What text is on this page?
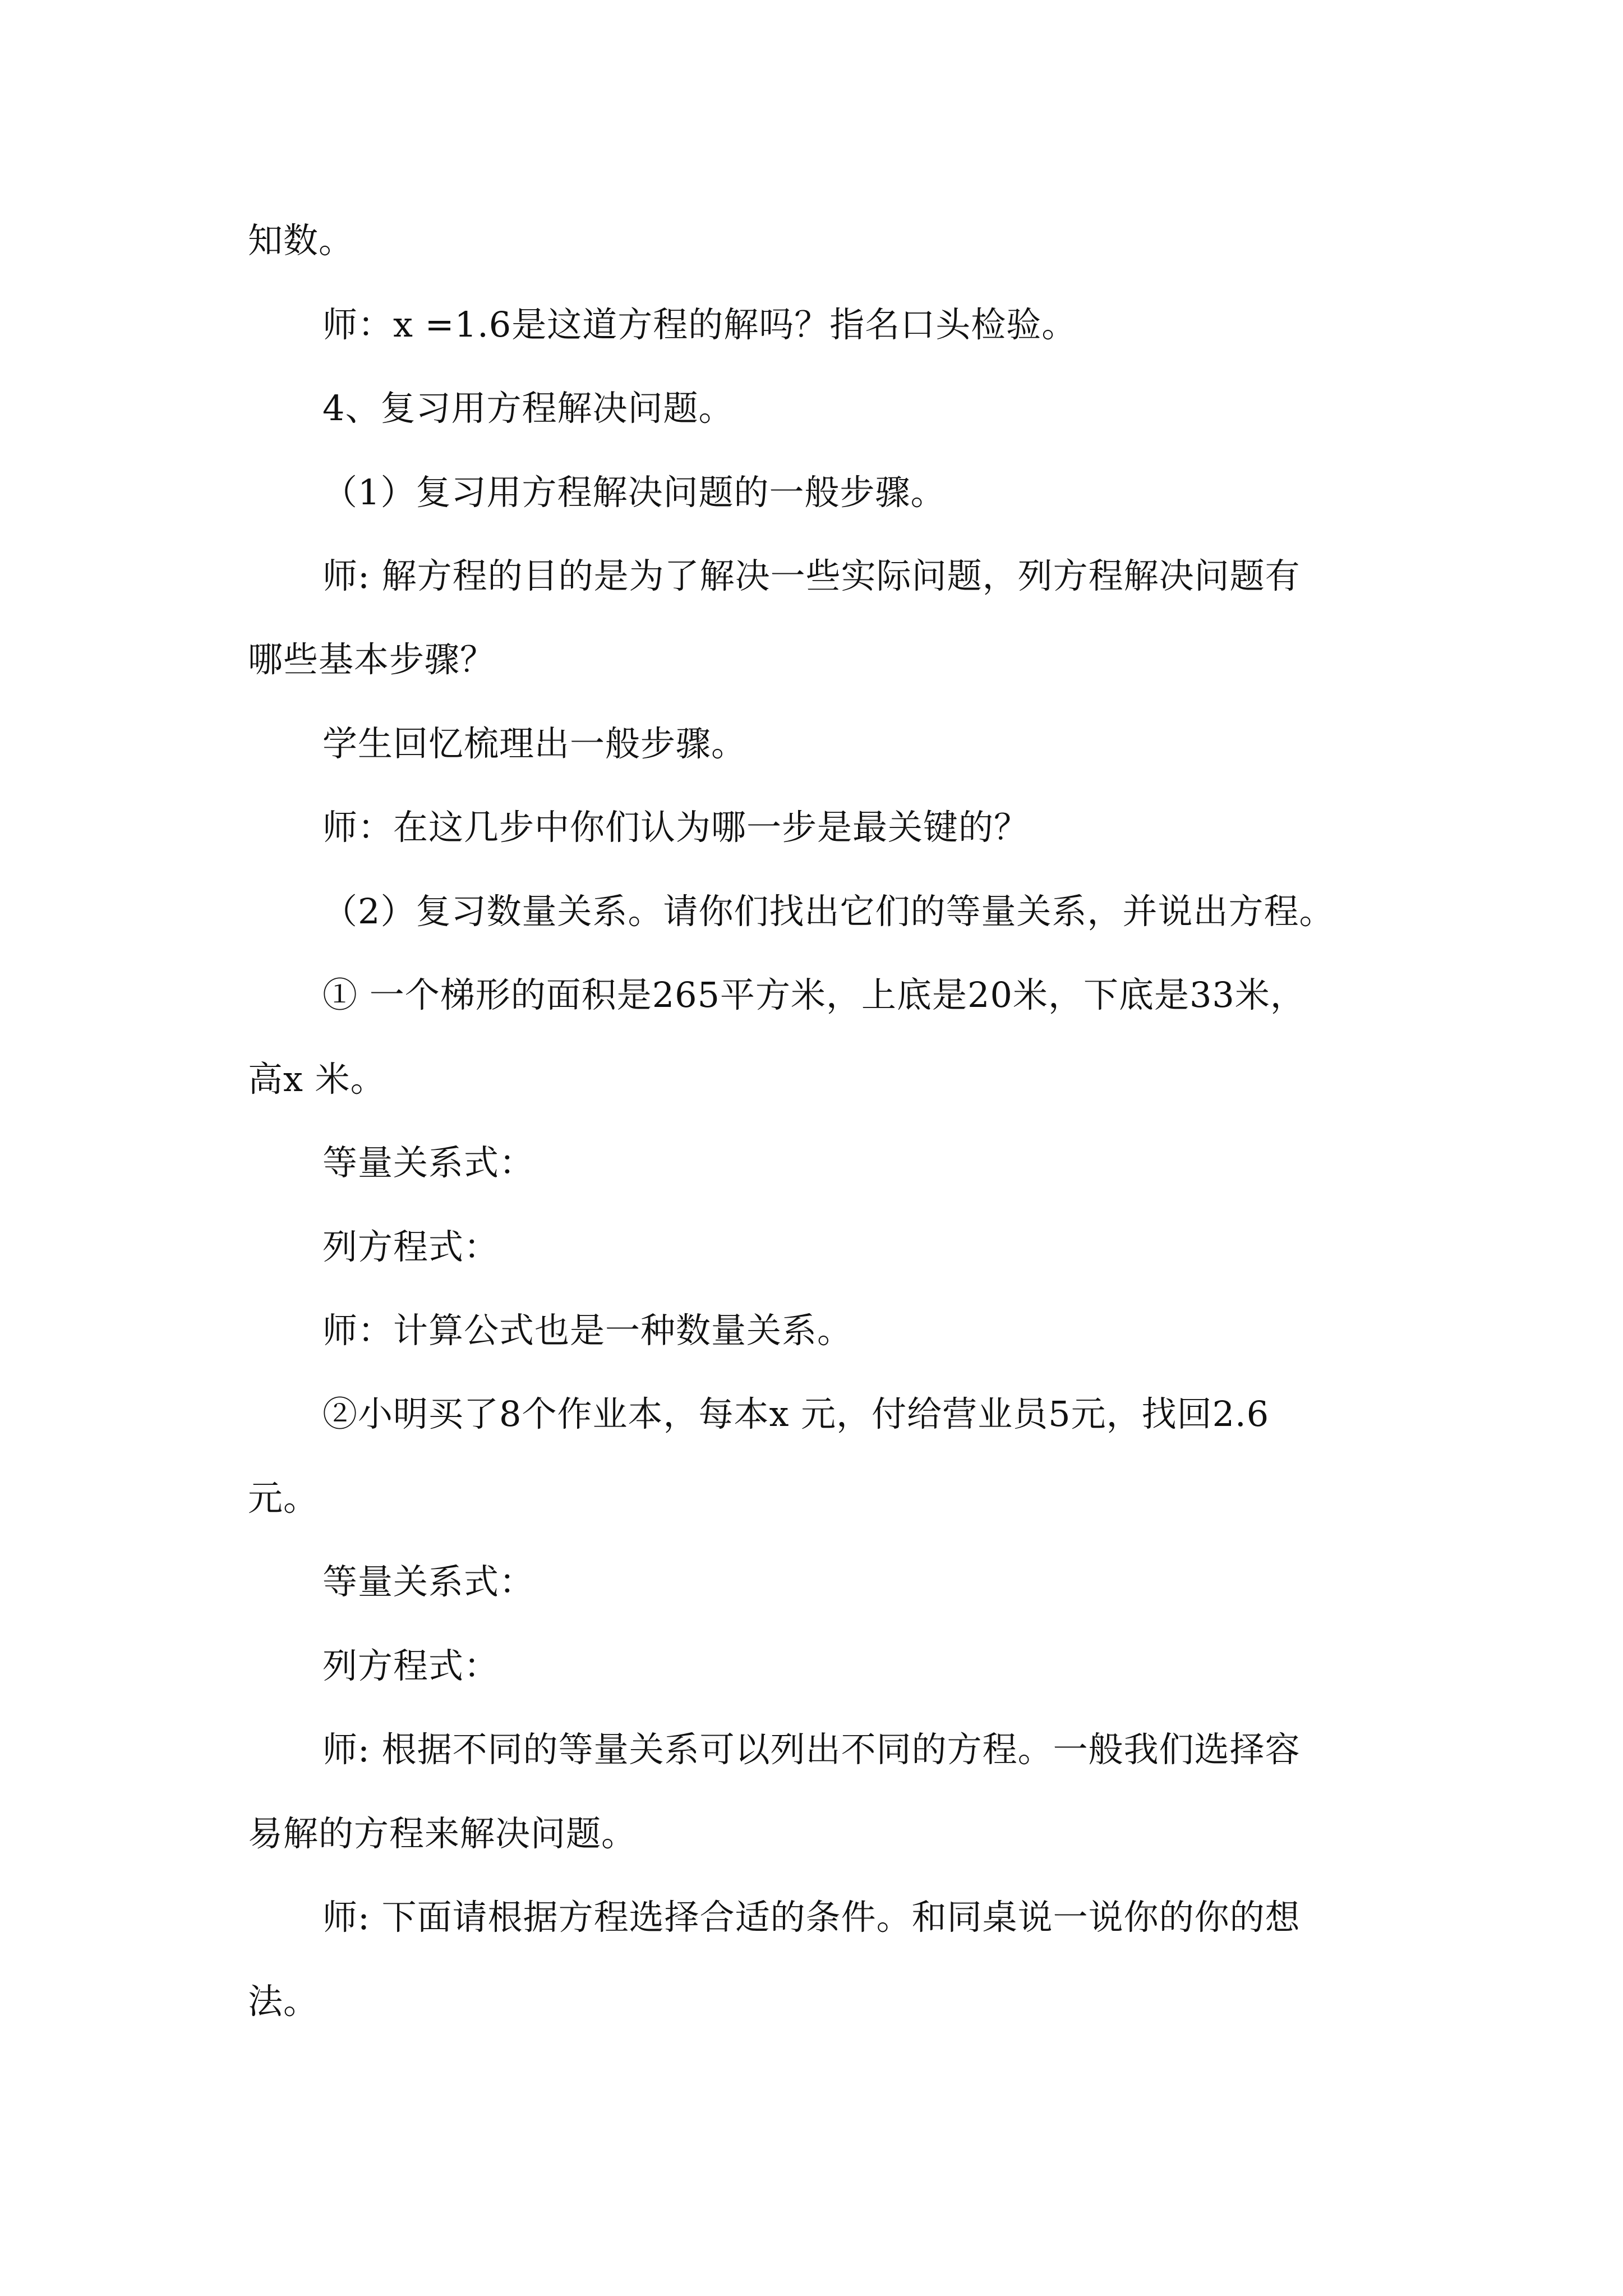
知数。
师：x =1.6是这道方程的解吗？指名口头检验。
4、复习用方程解决问题。
（1）复习用方程解决问题的一般步骤。
师: 解方程的目的是为了解决一些实际问题，列方程解决问题有
哪些基本步骤？
学生回忆梳理出一般步骤。
师：在这几步中你们认为哪一步是最关键的？
（2）复习数量关系。请你们找出它们的等量关系，并说出方程。
① 一个梯形的面积是265平方米，上底是20米，下底是33米，
高x 米。
等量关系式：
列方程式：
师：计算公式也是一种数量关系。
②小明买了8个作业本，每本x 元，付给营业员5元，找回2.6
元。
等量关系式：
列方程式：
师: 根据不同的等量关系可以列出不同的方程。一般我们选择容
易解的方程来解决问题。
师: 下面请根据方程选择合适的条件。和同桌说一说你的你的想
法。
